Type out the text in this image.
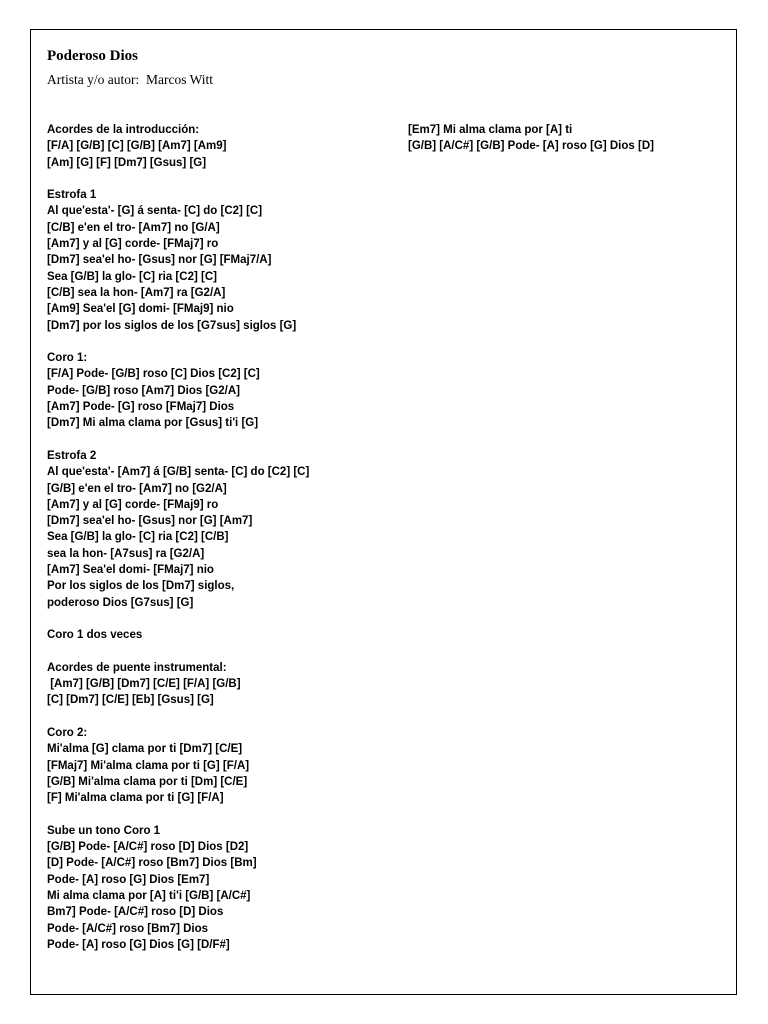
Poderoso Dios
Artista y/o autor:  Marcos Witt
Acordes de la introducción:
[F/A] [G/B] [C] [G/B] [Am7] [Am9]
[Am] [G] [F] [Dm7] [Gsus] [G]
Estrofa 1
Al que'esta'- [G] á senta- [C] do [C2] [C]
[C/B] e'en el tro- [Am7] no [G/A]
[Am7] y al [G] corde- [FMaj7] ro
[Dm7] sea'el ho- [Gsus] nor [G] [FMaj7/A]
Sea [G/B] la glo- [C] ria [C2] [C]
[C/B] sea la hon- [Am7] ra [G2/A]
[Am9] Sea'el [G] domi- [FMaj9] nio
[Dm7] por los siglos de los [G7sus] siglos [G]
Coro 1:
[F/A] Pode- [G/B] roso [C] Dios [C2] [C]
Pode- [G/B] roso [Am7] Dios [G2/A]
[Am7] Pode- [G] roso [FMaj7] Dios
[Dm7] Mi alma clama por [Gsus] ti'i [G]
Estrofa 2
Al que'esta'- [Am7] á [G/B] senta- [C] do [C2] [C]
[G/B] e'en el tro- [Am7] no [G2/A]
[Am7] y al [G] corde- [FMaj9] ro
[Dm7] sea'el ho- [Gsus] nor [G] [Am7]
Sea [G/B] la glo- [C] ria [C2] [C/B]
sea la hon- [A7sus] ra [G2/A]
[Am7] Sea'el domi- [FMaj7] nio
Por los siglos de los [Dm7] siglos,
poderoso Dios [G7sus] [G]
Coro 1 dos veces
Acordes de puente instrumental:
[Am7] [G/B] [Dm7] [C/E] [F/A] [G/B]
[C] [Dm7] [C/E] [Eb] [Gsus] [G]
Coro 2:
Mi'alma [G] clama por ti [Dm7] [C/E]
[FMaj7] Mi'alma clama por ti [G] [F/A]
[G/B] Mi'alma clama por ti [Dm] [C/E]
[F] Mi'alma clama por ti [G] [F/A]
Sube un tono Coro 1
[G/B] Pode- [A/C#] roso [D] Dios [D2]
[D] Pode- [A/C#] roso [Bm7] Dios [Bm]
Pode- [A] roso [G] Dios [Em7]
Mi alma clama por [A] ti'i [G/B] [A/C#]
Bm7] Pode- [A/C#] roso [D] Dios
Pode- [A/C#] roso [Bm7] Dios
Pode- [A] roso [G] Dios [G] [D/F#]
[Em7] Mi alma clama por [A] ti
[G/B] [A/C#] [G/B] Pode- [A] roso [G] Dios [D]
